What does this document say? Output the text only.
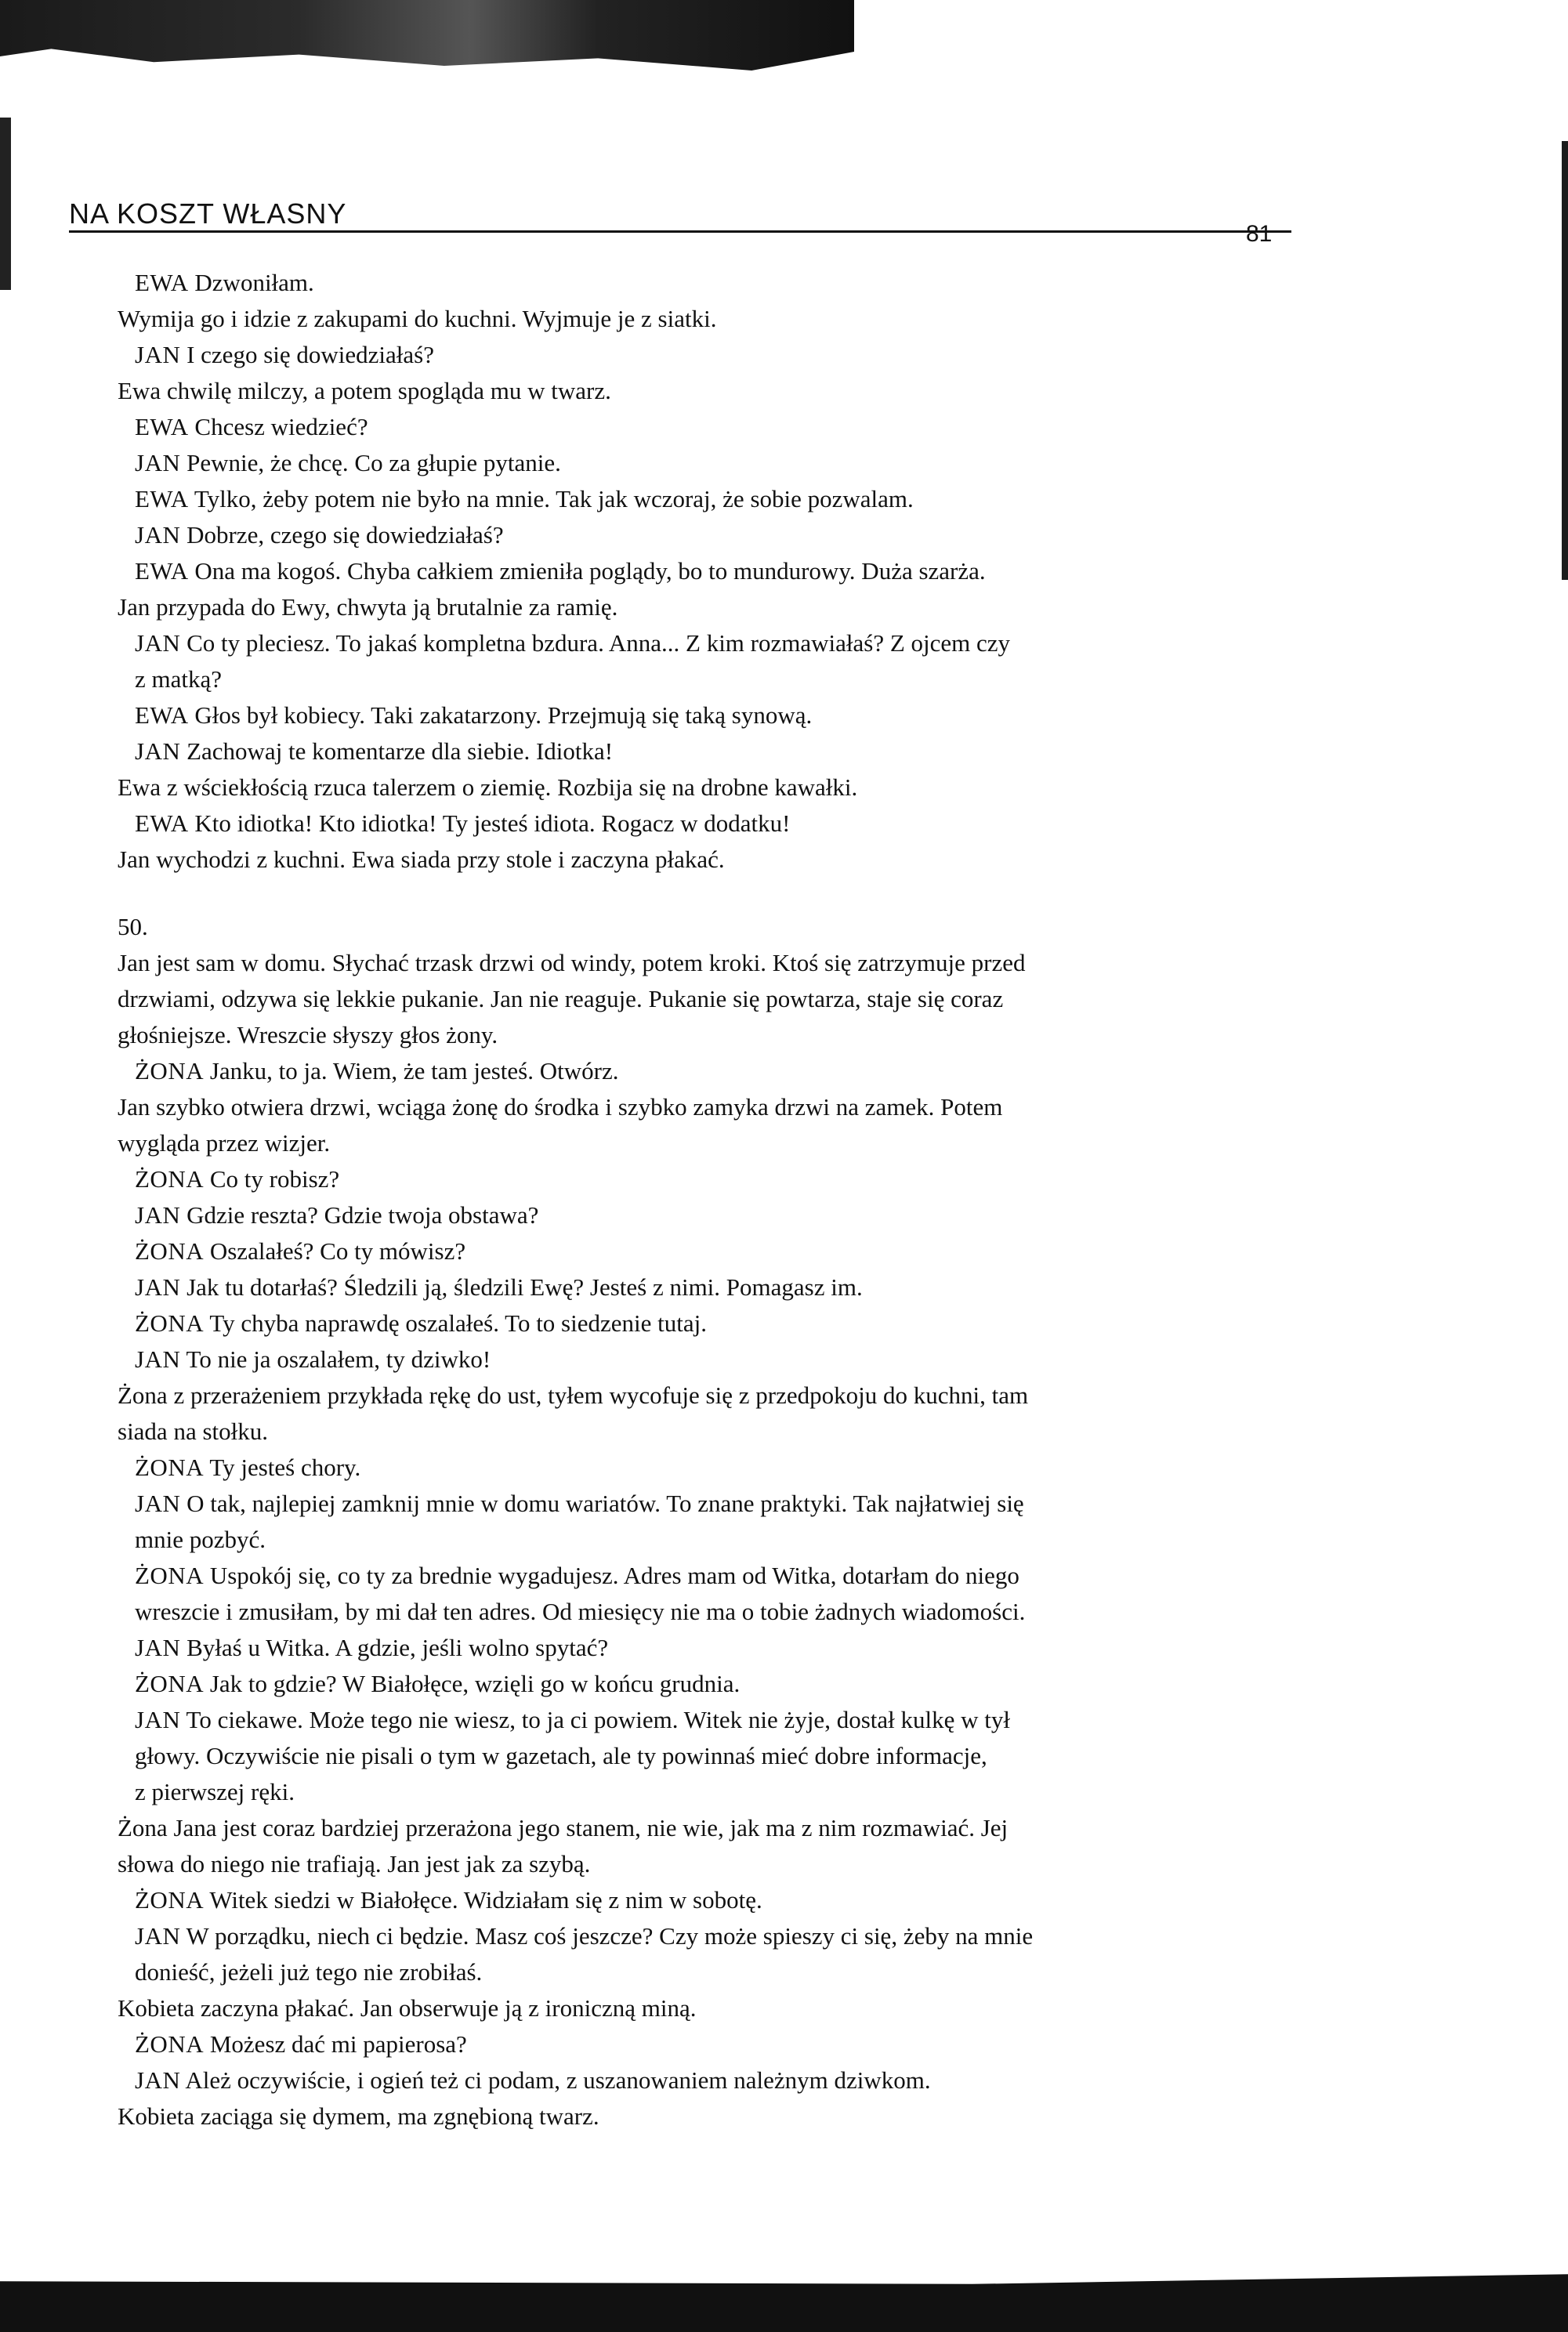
NA KOSZT WŁASNY
81
EWA Dzwoniłam.
Wymija go i idzie z zakupami do kuchni. Wyjmuje je z siatki.
JAN I czego się dowiedziałaś?
Ewa chwilę milczy, a potem spogląda mu w twarz.
EWA Chcesz wiedzieć?
JAN Pewnie, że chcę. Co za głupie pytanie.
EWA Tylko, żeby potem nie było na mnie. Tak jak wczoraj, że sobie pozwalam.
JAN Dobrze, czego się dowiedziałaś?
EWA Ona ma kogoś. Chyba całkiem zmieniła poglądy, bo to mundurowy. Duża szarża.
Jan przypada do Ewy, chwyta ją brutalnie za ramię.
JAN Co ty pleciesz. To jakaś kompletna bzdura. Anna... Z kim rozmawiałaś? Z ojcem czy
z matką?
EWA Głos był kobiecy. Taki zakatarzony. Przejmują się taką synową.
JAN Zachowaj te komentarze dla siebie. Idiotka!
Ewa z wściekłością rzuca talerzem o ziemię. Rozbija się na drobne kawałki.
EWA Kto idiotka! Kto idiotka! Ty jesteś idiota. Rogacz w dodatku!
Jan wychodzi z kuchni. Ewa siada przy stole i zaczyna płakać.
50.
Jan jest sam w domu. Słychać trzask drzwi od windy, potem kroki. Ktoś się zatrzymuje przed
drzwiami, odzywa się lekkie pukanie. Jan nie reaguje. Pukanie się powtarza, staje się coraz
głośniejsze. Wreszcie słyszy głos żony.
ŻONA Janku, to ja. Wiem, że tam jesteś. Otwórz.
Jan szybko otwiera drzwi, wciąga żonę do środka i szybko zamyka drzwi na zamek. Potem
wygląda przez wizjer.
ŻONA Co ty robisz?
JAN Gdzie reszta? Gdzie twoja obstawa?
ŻONA Oszalałeś? Co ty mówisz?
JAN Jak tu dotarłaś? Śledzili ją, śledzili Ewę? Jesteś z nimi. Pomagasz im.
ŻONA Ty chyba naprawdę oszalałeś. To to siedzenie tutaj.
JAN To nie ja oszalałem, ty dziwko!
Żona z przerażeniem przykłada rękę do ust, tyłem wycofuje się z przedpokoju do kuchni, tam
siada na stołku.
ŻONA Ty jesteś chory.
JAN O tak, najlepiej zamknij mnie w domu wariatów. To znane praktyki. Tak najłatwiej się
mnie pozbyć.
ŻONA Uspokój się, co ty za brednie wygadujesz. Adres mam od Witka, dotarłam do niego
wreszcie i zmusiłam, by mi dał ten adres. Od miesięcy nie ma o tobie żadnych wiadomości.
JAN Byłaś u Witka. A gdzie, jeśli wolno spytać?
ŻONA Jak to gdzie? W Białołęce, wzięli go w końcu grudnia.
JAN To ciekawe. Może tego nie wiesz, to ja ci powiem. Witek nie żyje, dostał kulkę w tył
głowy. Oczywiście nie pisali o tym w gazetach, ale ty powinnaś mieć dobre informacje,
z pierwszej ręki.
Żona Jana jest coraz bardziej przerażona jego stanem, nie wie, jak ma z nim rozmawiać. Jej
słowa do niego nie trafiają. Jan jest jak za szybą.
ŻONA Witek siedzi w Białołęce. Widziałam się z nim w sobotę.
JAN W porządku, niech ci będzie. Masz coś jeszcze? Czy może spieszy ci się, żeby na mnie
donieść, jeżeli już tego nie zrobiłaś.
Kobieta zaczyna płakać. Jan obserwuje ją z ironiczną miną.
ŻONA Możesz dać mi papierosa?
JAN Ależ oczywiście, i ogień też ci podam, z uszanowaniem należnym dziwkom.
Kobieta zaciąga się dymem, ma zgnębioną twarz.
